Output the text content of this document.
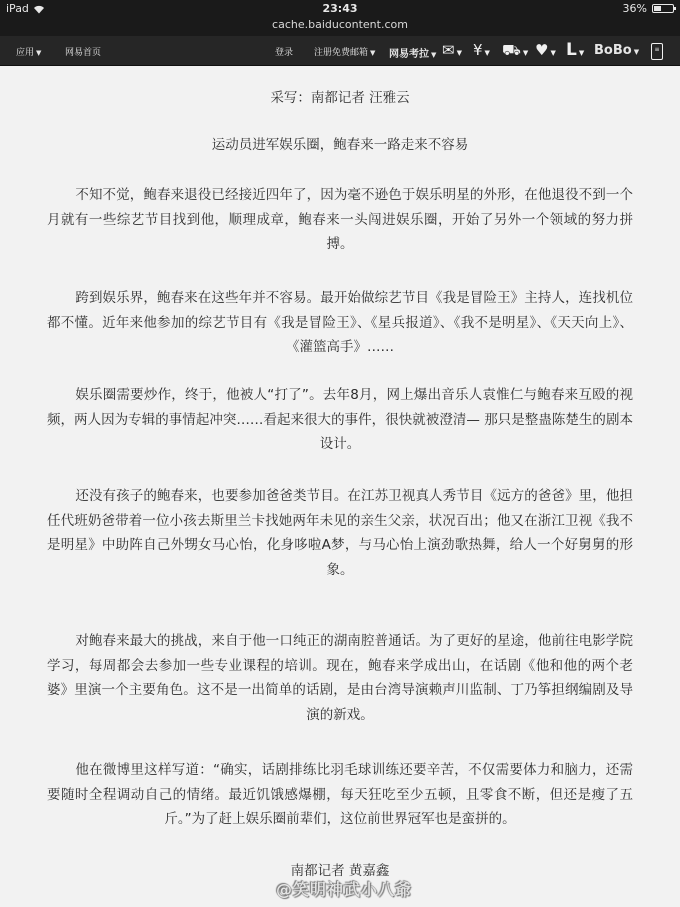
iPad	23:43	36%
cache.baiducontent.com
应用 ▼	网易首页	登录 注册免费邮箱 ▼ 网易考拉 ▼ ✉ ▼ ¥ ▼ ⛟ ▼ ♥ ▼ L ▼ BoBo ▼	≡
采写：南都记者 汪雅云
运动员进军娱乐圈，鲍春来一路走来不容易
不知不觉，鲍春来退役已经接近四年了，因为毫不逊色于娱乐明星的外形，在他退役不到一个月就有一些综艺节目找到他，顺理成章，鲍春来一头闯进娱乐圈，开始了另外一个领域的努力拼搏。
跨到娱乐界，鲍春来在这些年并不容易。最开始做综艺节目《我是冒险王》主持人，连找机位都不懂。近年来他参加的综艺节目有《我是冒险王》、《星兵报道》、《我不是明星》、《天天向上》、《灌篮高手》……
娱乐圈需要炒作，终于，他被人“打了”。去年8月，网上爆出音乐人袁惟仁与鲍春来互殴的视频，两人因为专辑的事情起冲突……看起来很大的事件，很快就被澄清— 那只是整蛊陈楚生的剧本设计。
还没有孩子的鲍春来，也要参加爸爸类节目。在江苏卫视真人秀节目《远方的爸爸》里，他担任代班奶爸带着一位小孩去斯里兰卡找她两年未见的亲生父亲，状况百出；他又在浙江卫视《我不是明星》中助阵自己外甥女马心怡，化身哆啦A梦，与马心怡上演劲歌热舞，给人一个好舅舅的形象。
对鲍春来最大的挑战，来自于他一口纯正的湖南腔普通话。为了更好的星途，他前往电影学院学习，每周都会去参加一些专业课程的培训。现在，鲍春来学成出山，在话剧《他和他的两个老婆》里演一个主要角色。这不是一出简单的话剧，是由台湾导演赖声川监制、丁乃筝担纲编剧及导演的新戏。
他在微博里这样写道：“确实，话剧排练比羽毛球训练还要辛苦，不仅需要体力和脑力，还需要随时全程调动自己的情绪。最近饥饿感爆棚，每天狂吃至少五顿，且零食不断，但还是瘦了五斤。”为了赶上娱乐圈前辈们，这位前世界冠军也是蛮拼的。
南都记者 黄嘉鑫
@笑明神武小八爺
